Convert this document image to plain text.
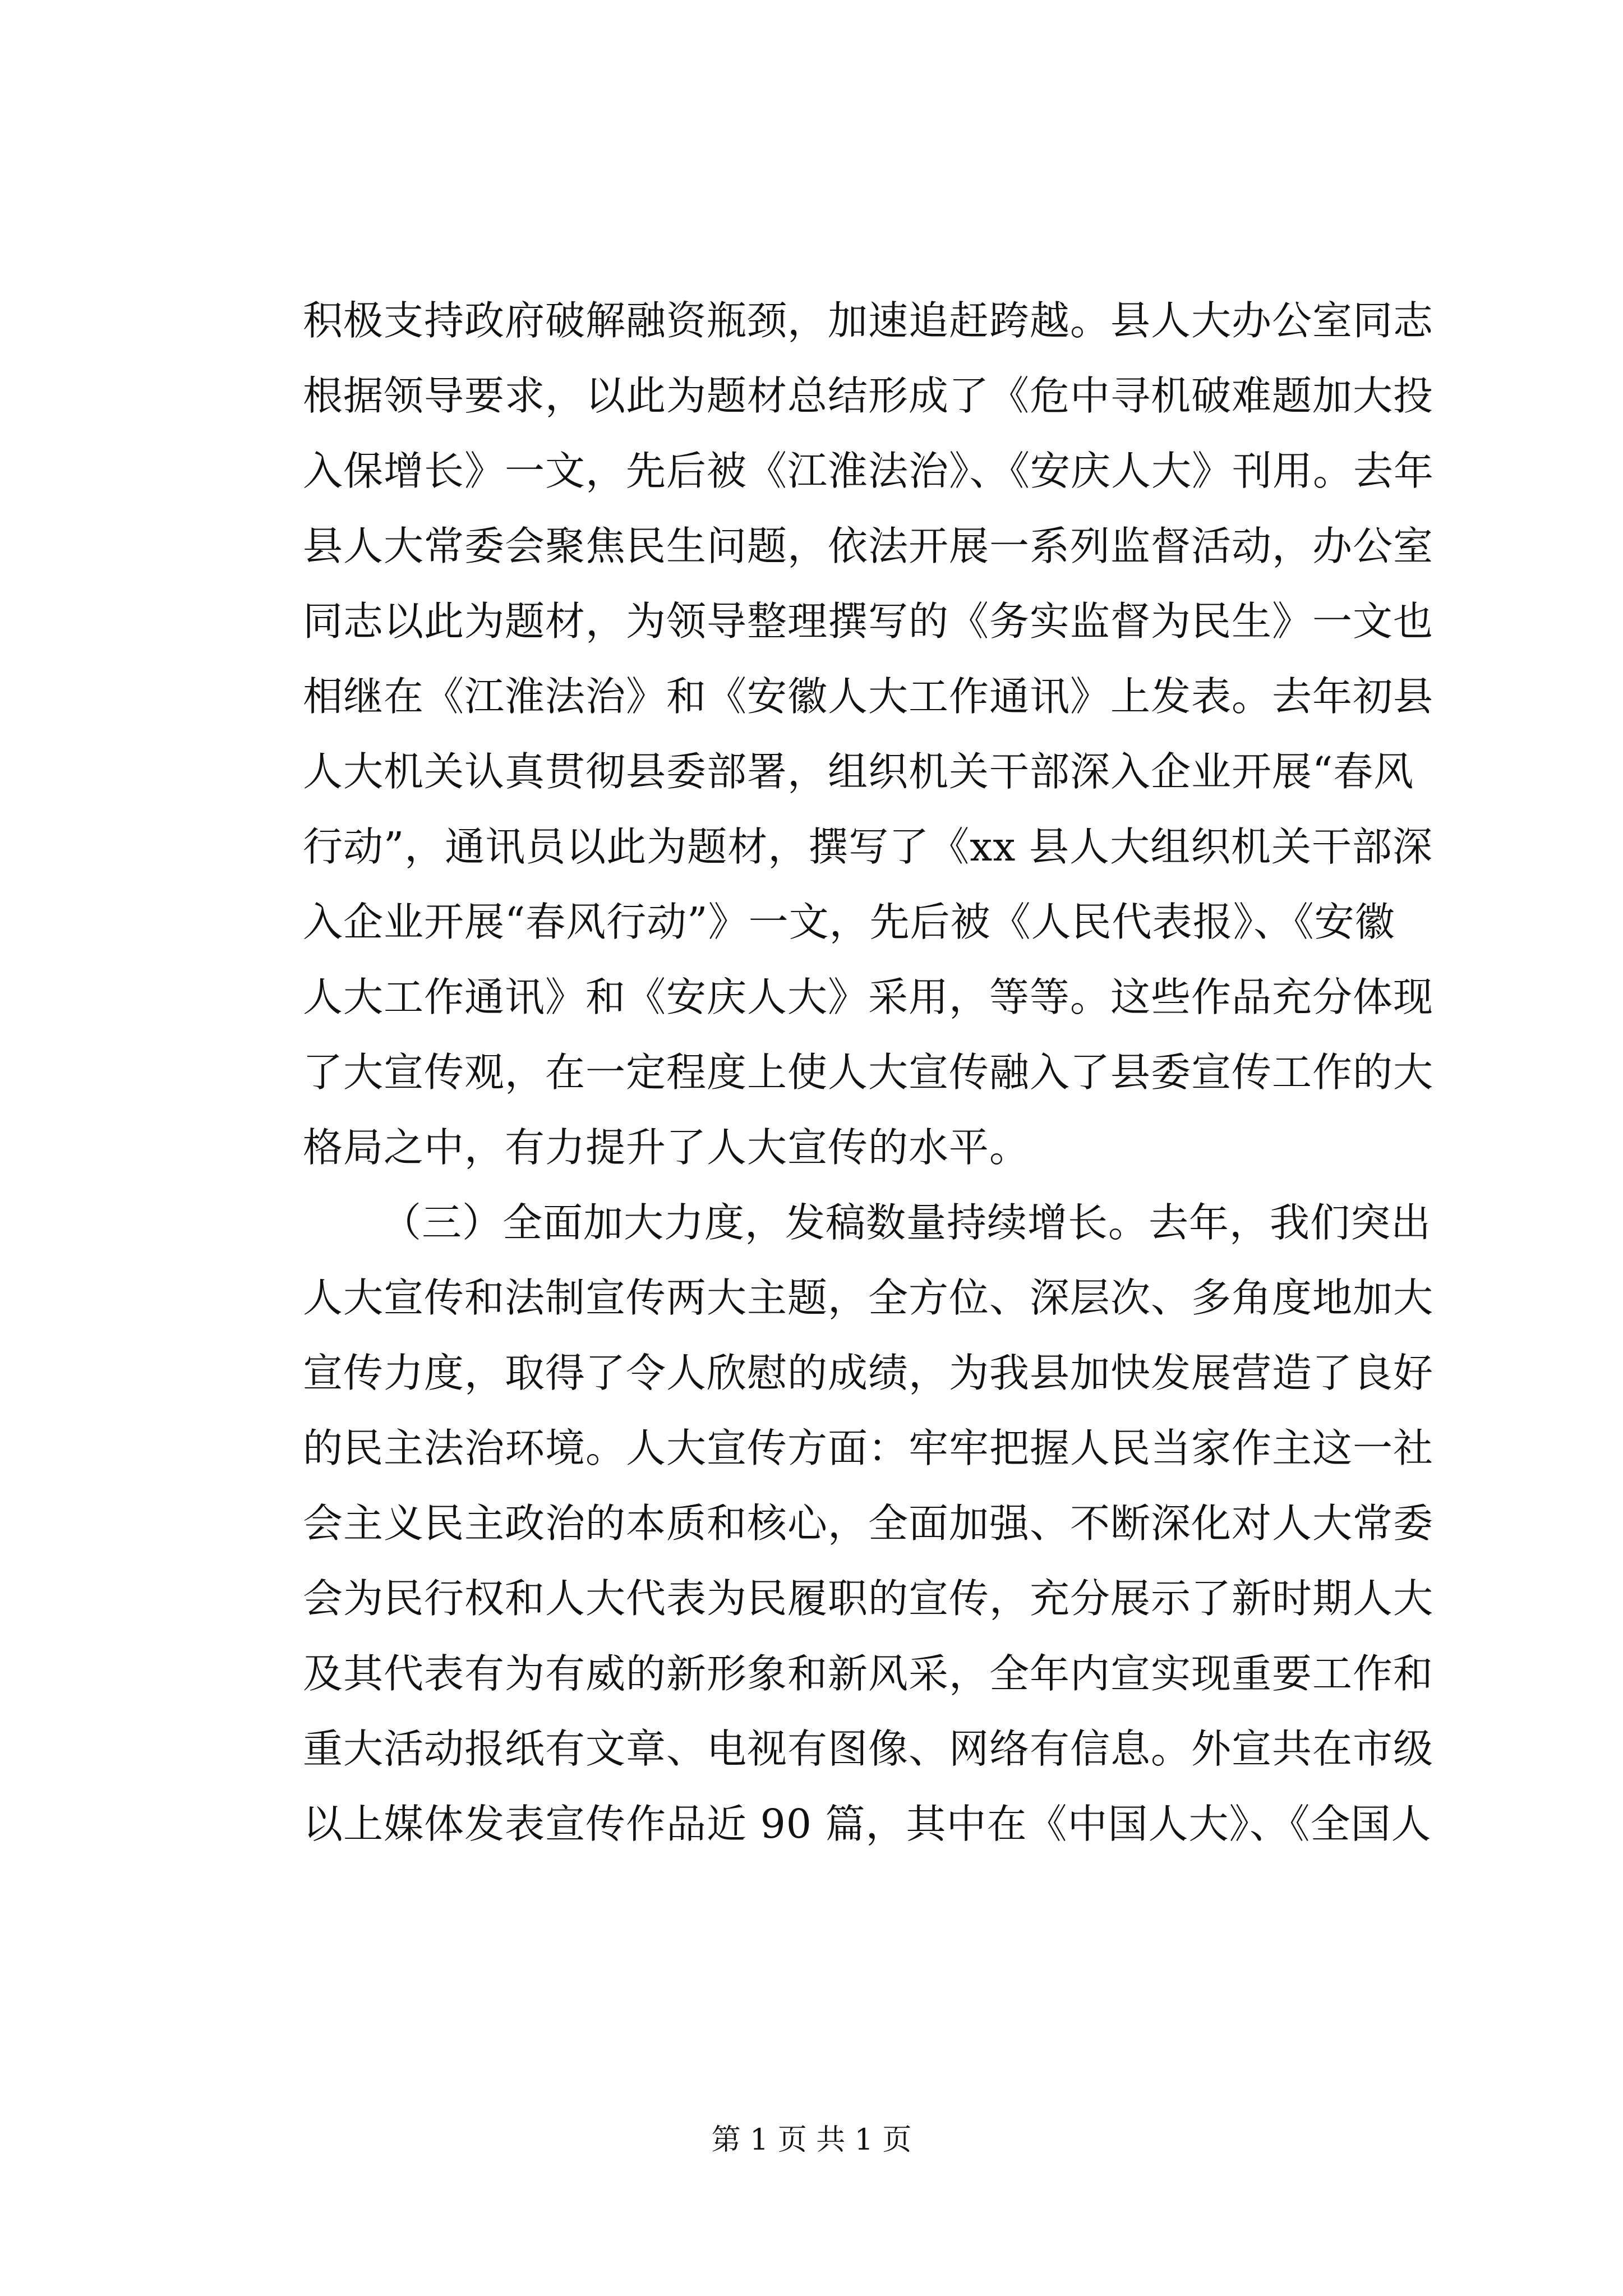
积极支持政府破解融资瓶颈，加速追赶跨越。县人大办公室同志
根据领导要求，以此为题材总结形成了《危中寻机破难题加大投
入保增长》一文，先后被《江淮法治》、《安庆人大》刊用。去年
县人大常委会聚焦民生问题，依法开展一系列监督活动，办公室
同志以此为题材，为领导整理撰写的《务实监督为民生》一文也
相继在《江淮法治》和《安徽人大工作通讯》上发表。去年初县
人大机关认真贯彻县委部署，组织机关干部深入企业开展“春风
行动”，通讯员以此为题材，撰写了《xx 县人大组织机关干部深
入企业开展“春风行动”》一文，先后被《人民代表报》、《安徽
人大工作通讯》和《安庆人大》采用，等等。这些作品充分体现
了大宣传观，在一定程度上使人大宣传融入了县委宣传工作的大
格局之中，有力提升了人大宣传的水平。
（三）全面加大力度，发稿数量持续增长。去年，我们突出
人大宣传和法制宣传两大主题，全方位、深层次、多角度地加大
宣传力度，取得了令人欣慰的成绩，为我县加快发展营造了良好
的民主法治环境。人大宣传方面：牢牢把握人民当家作主这一社
会主义民主政治的本质和核心，全面加强、不断深化对人大常委
会为民行权和人大代表为民履职的宣传，充分展示了新时期人大
及其代表有为有威的新形象和新风采，全年内宣实现重要工作和
重大活动报纸有文章、电视有图像、网络有信息。外宣共在市级
以上媒体发表宣传作品近 90 篇，其中在《中国人大》、《全国人
第 1 页 共 1 页
